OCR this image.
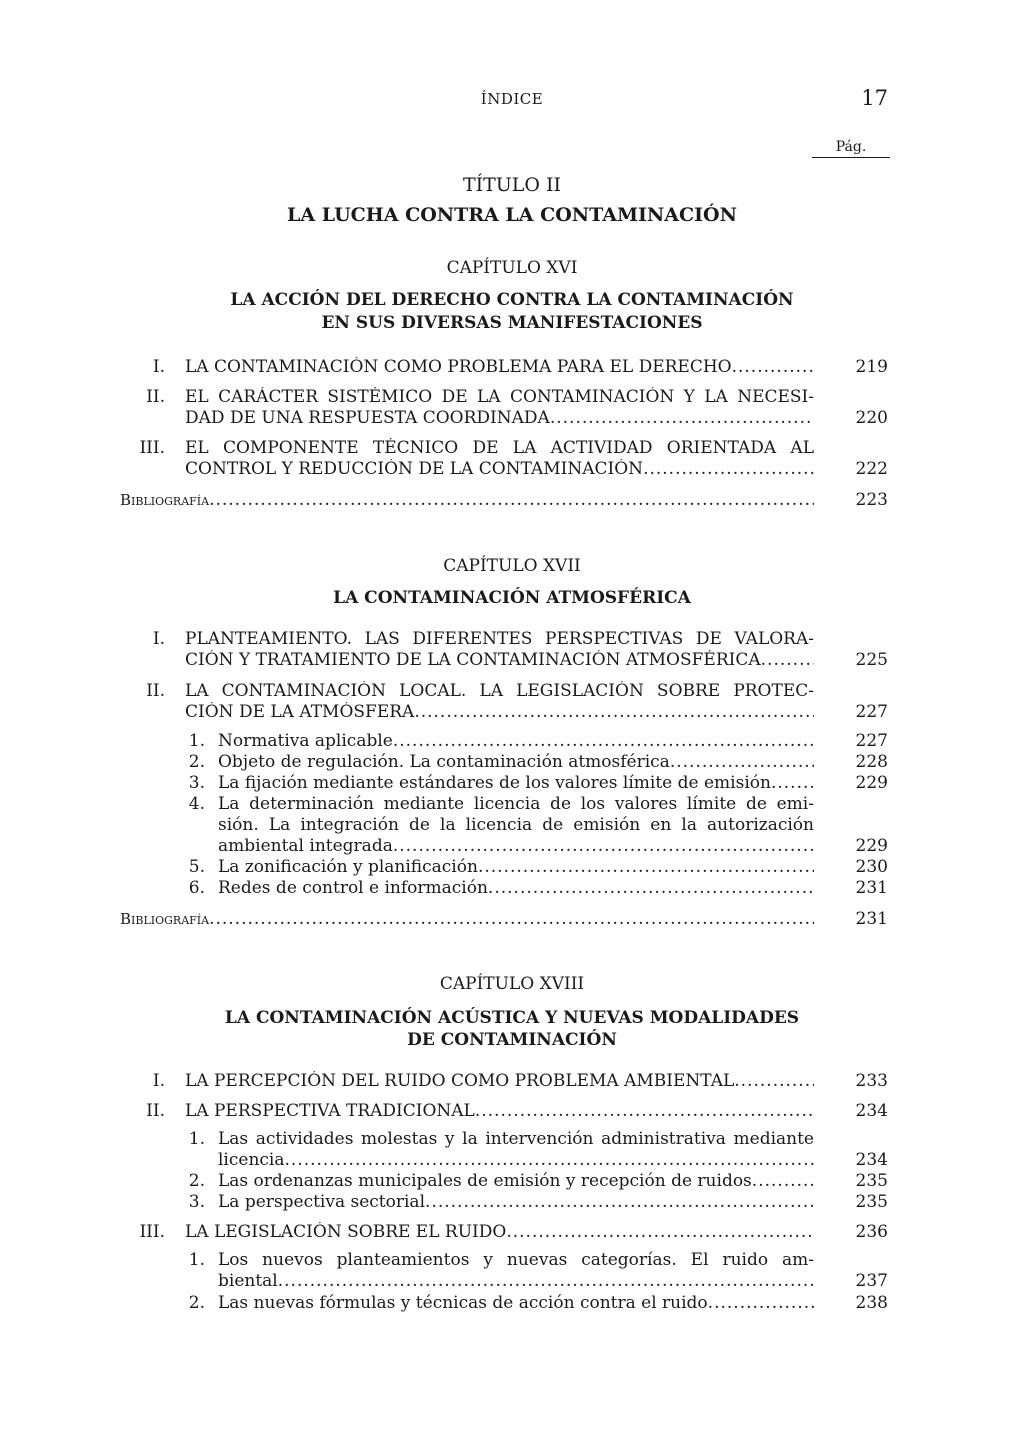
ÍNDICE	17
Pág.
TÍTULO II
LA LUCHA CONTRA LA CONTAMINACIÓN
CAPÍTULO XVI
LA ACCIÓN DEL DERECHO CONTRA LA CONTAMINACIÓN
EN SUS DIVERSAS MANIFESTACIONES
I. LA CONTAMINACIÓN COMO PROBLEMA PARA EL DERECHO .....	219
II. EL CARÁCTER SISTÉMICO DE LA CONTAMINACIÓN Y LA NECESI-
DAD DE UNA RESPUESTA COORDINADA .....	220
III. EL COMPONENTE TÉCNICO DE LA ACTIVIDAD ORIENTADA AL
CONTROL Y REDUCCIÓN DE LA CONTAMINACIÓN .....	222
Bibliografía .....	223
CAPÍTULO XVII
LA CONTAMINACIÓN ATMOSFÉRICA
I. PLANTEAMIENTO. LAS DIFERENTES PERSPECTIVAS DE VALORA-
CIÓN Y TRATAMIENTO DE LA CONTAMINACIÓN ATMOSFÉRICA .....	225
II. LA CONTAMINACIÓN LOCAL. LA LEGISLACIÓN SOBRE PROTEC-
CIÓN DE LA ATMÓSFERA .....	227
1. Normativa aplicable .....	227
2. Objeto de regulación. La contaminación atmosférica .....	228
3. La fijación mediante estándares de los valores límite de emisión .....	229
4. La determinación mediante licencia de los valores límite de emi-
sión. La integración de la licencia de emisión en la autorización
ambiental integrada .....	229
5. La zonificación y planificación .....	230
6. Redes de control e información .....	231
Bibliografía .....	231
CAPÍTULO XVIII
LA CONTAMINACIÓN ACÚSTICA Y NUEVAS MODALIDADES
DE CONTAMINACIÓN
I. LA PERCEPCIÓN DEL RUIDO COMO PROBLEMA AMBIENTAL .....	233
II. LA PERSPECTIVA TRADICIONAL .....	234
1. Las actividades molestas y la intervención administrativa mediante
licencia .....	234
2. Las ordenanzas municipales de emisión y recepción de ruidos .....	235
3. La perspectiva sectorial .....	235
III. LA LEGISLACIÓN SOBRE EL RUIDO .....	236
1. Los nuevos planteamientos y nuevas categorías. El ruido am-
biental .....	237
2. Las nuevas fórmulas y técnicas de acción contra el ruido .....	238
